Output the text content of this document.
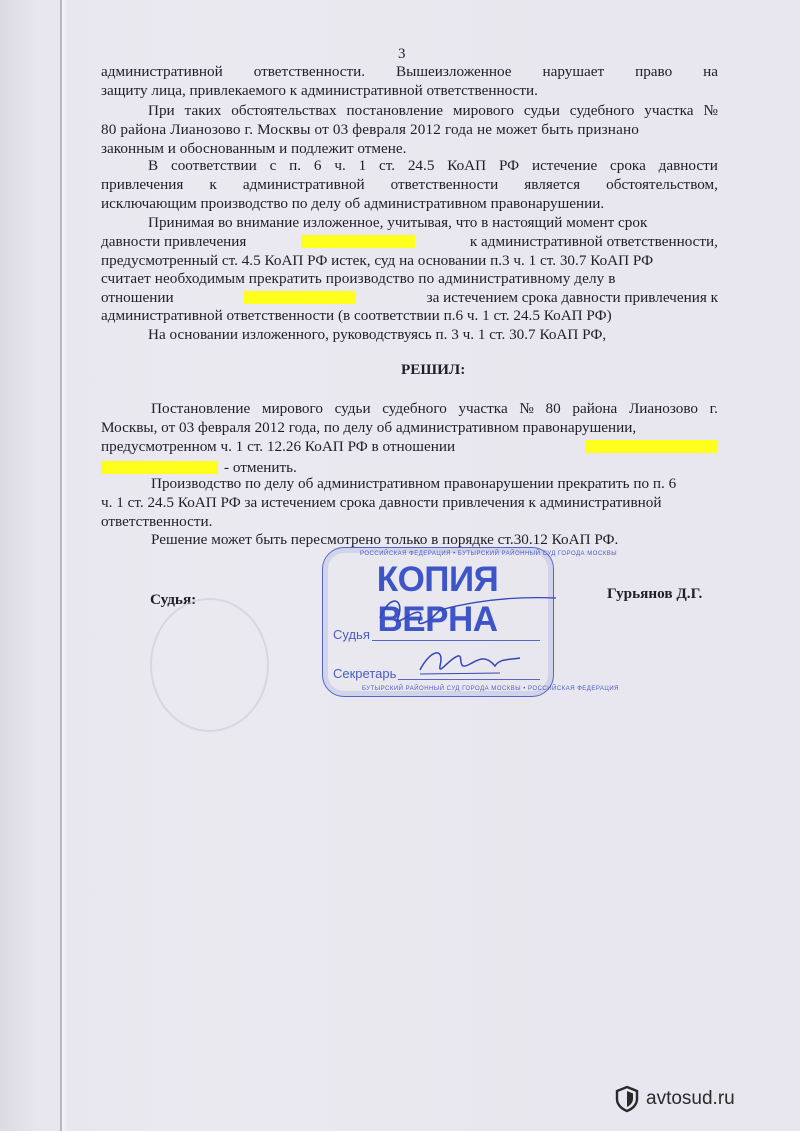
3
административной ответственности. Вышеизложенное нарушает право на
защиту лица, привлекаемого к административной ответственности.
При таких обстоятельствах постановление мирового судьи судебного участка №
80 района Лианозово г. Москвы от 03 февраля 2012 года не может быть признано
законным и обоснованным и подлежит отмене.
В соответствии с п. 6 ч. 1 ст. 24.5 КоАП РФ истечение срока давности
привлечения к административной ответственности является обстоятельством,
исключающим производство по делу об административном правонарушении.
Принимая во внимание изложенное, учитывая, что в настоящий момент срок
давности привлечения	к административной ответственности,
предусмотренный ст. 4.5 КоАП РФ истек, суд на основании п.3 ч. 1 ст. 30.7 КоАП РФ
считает необходимым прекратить производство по административному делу в
отношении	за истечением срока давности привлечения к
административной ответственности (в соответствии п.6 ч. 1 ст. 24.5 КоАП РФ)
На основании изложенного, руководствуясь п. 3 ч. 1 ст. 30.7 КоАП РФ,
РЕШИЛ:
Постановление мирового судьи судебного участка № 80 района Лианозово г.
Москвы, от 03 февраля 2012 года, по делу об административном правонарушении,
предусмотренном ч. 1 ст. 12.26 КоАП РФ в отношении
- отменить.
Производство по делу об административном правонарушении прекратить по п. 6
ч. 1 ст. 24.5 КоАП РФ за истечением срока давности привлечения к административной
ответственности.
Решение может быть пересмотрено только в порядке ст.30.12 КоАП РФ.
Судья:	Гурьянов Д.Г.
РОССИЙСКАЯ ФЕДЕРАЦИЯ • БУТЫРСКИЙ РАЙОННЫЙ СУД ГОРОДА МОСКВЫ
БУТЫРСКИЙ РАЙОННЫЙ СУД ГОРОДА МОСКВЫ • РОССИЙСКАЯ ФЕДЕРАЦИЯ
КОПИЯ ВЕРНА
Судья
Секретарь
avtosud.ru
